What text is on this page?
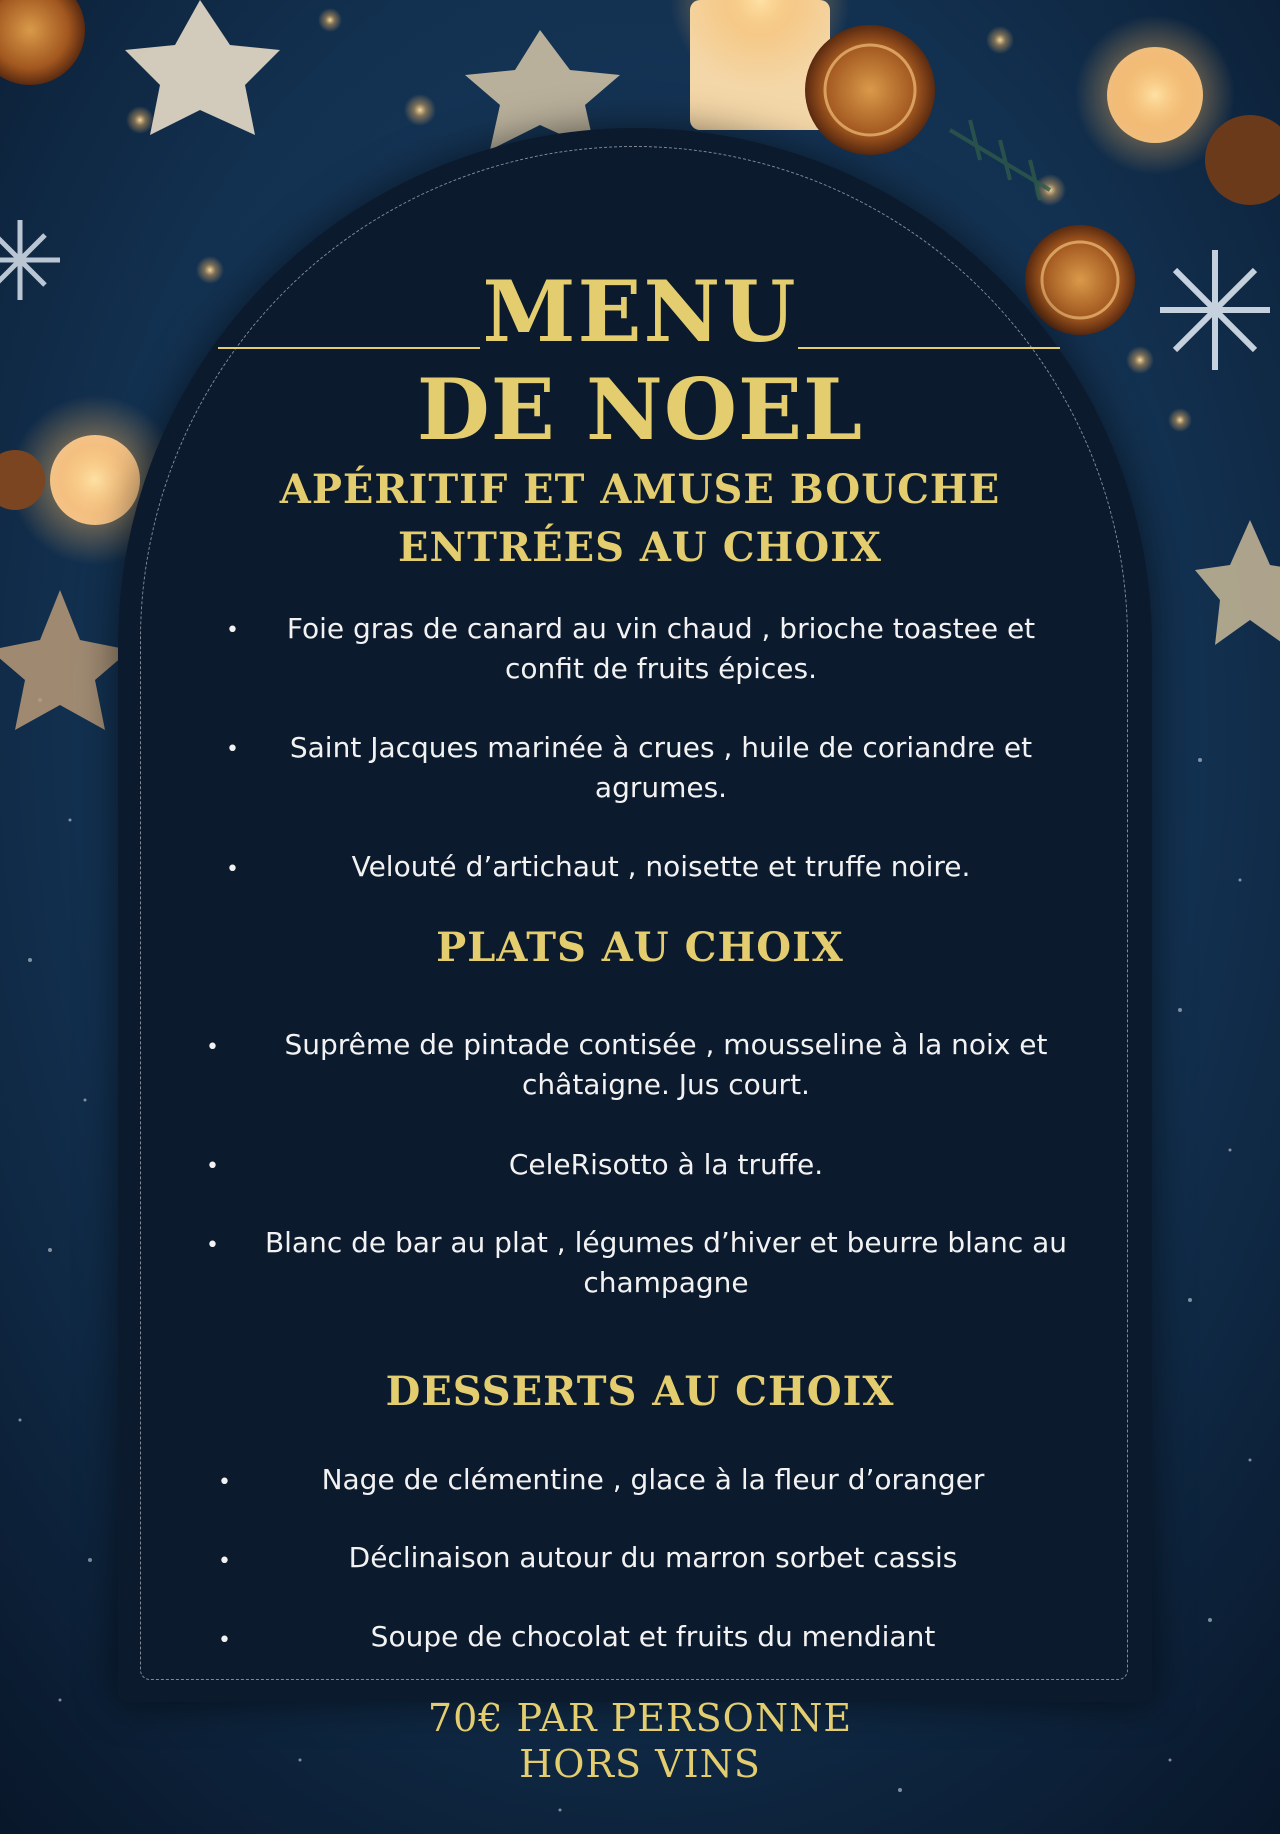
MENU
DE NOEL
APÉRITIF ET AMUSE BOUCHE
ENTRÉES AU CHOIX
•	Foie gras de canard au vin chaud , brioche toastee et confit de fruits épices.
•	Saint Jacques marinée à crues , huile de coriandre et agrumes.
•	Velouté d’artichaut , noisette et truffe noire.
PLATS AU CHOIX
•	Suprême de pintade contisée , mousseline à la noix et châtaigne. Jus court.
•	CeleRisotto à la truffe.
•	Blanc de bar au plat , légumes d’hiver et beurre blanc au champagne
DESSERTS AU CHOIX
•	Nage de clémentine , glace à la fleur d’oranger
•	Déclinaison autour du marron sorbet cassis
•	Soupe de chocolat et fruits du mendiant
70€ PAR PERSONNE
HORS VINS
